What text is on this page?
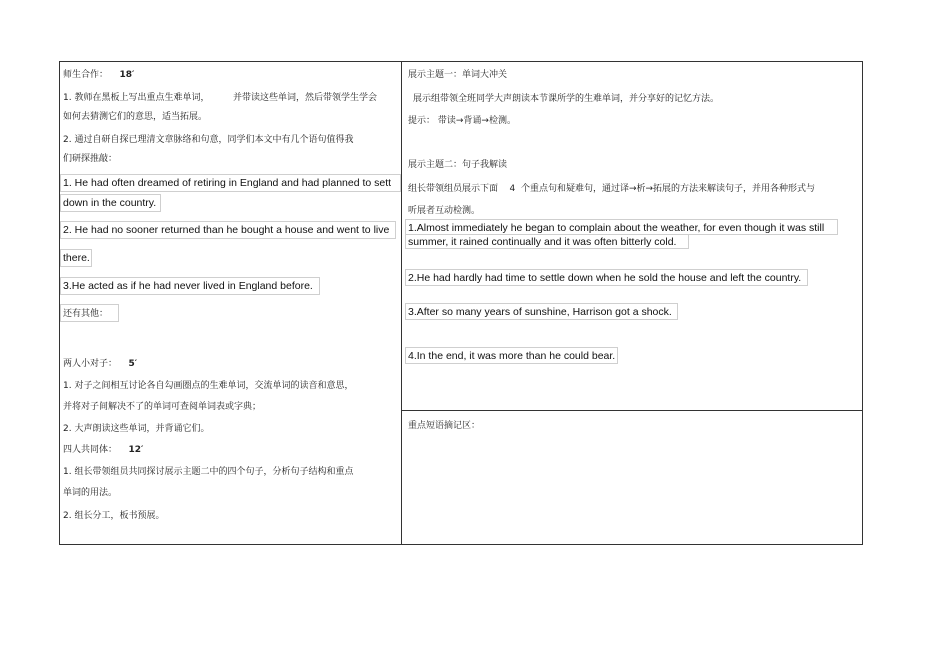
师生合作： 18′
1. 教师在黑板上写出重点生难单词，	并带读这些单词，然后带领学生学会
如何去猜测它们的意思，适当拓展。
2. 通过自研自探已理清文章脉络和句意，同学们本文中有几个语句值得我
们研探推敲：
1. He had often dreamed of retiring in England and had planned to sett
down in the country.
2. He had no sooner returned than he bought a house and went to live
there.
3.He acted as if he had never lived in England before.
还有其他：
两人小对子： 5′
1. 对子之间相互讨论各自勾画圈点的生难单词，交流单词的读音和意思，
并将对子间解决不了的单词可查阅单词表或字典；
2. 大声朗读这些单词，并背诵它们。
四人共同体： 12′
1. 组长带领组员共同探讨展示主题二中的四个句子，分析句子结构和重点
单词的用法。
2. 组长分工，板书预展。
展示主题一：单词大冲关
展示组带领全班同学大声朗读本节课所学的生难单词，并分享好的记忆方法。
提示： 带读→背诵→检测。
展示主题二：句子我解读
组长带领组员展示下面 4 个重点句和疑难句，通过译→析→拓展的方法来解读句子，并用各种形式与
听展者互动检测。
1.Almost immediately he began to complain about the weather, for even though it was still
summer, it rained continually and it was often bitterly cold.
2.He had hardly had time to settle down when he sold the house and left the country.
3.After so many years of sunshine, Harrison got a shock.
4.In the end, it was more than he could bear.
重点短语摘记区：
